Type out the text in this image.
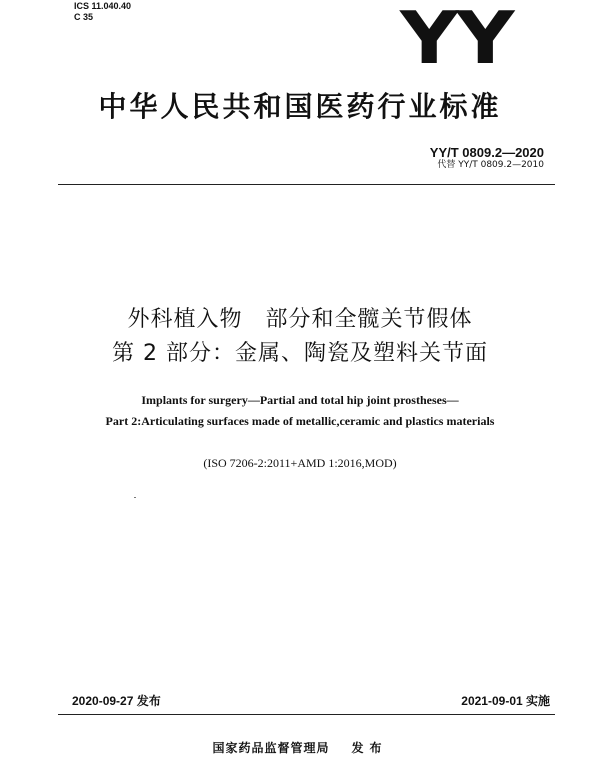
ICS 11.040.40
C 35	YY
中华人民共和国医药行业标准
YY/T 0809.2—2020
代替 YY/T 0809.2—2010
外科植入物　部分和全髋关节假体
第 2 部分：金属、陶瓷及塑料关节面
Implants for surgery—Partial and total hip joint prostheses—
Part 2:Articulating surfaces made of metallic,ceramic and plastics materials
(ISO 7206-2:2011+AMD 1:2016,MOD)
2020-09-27 发布	2021-09-01 实施
国家药品监督管理局 发布
